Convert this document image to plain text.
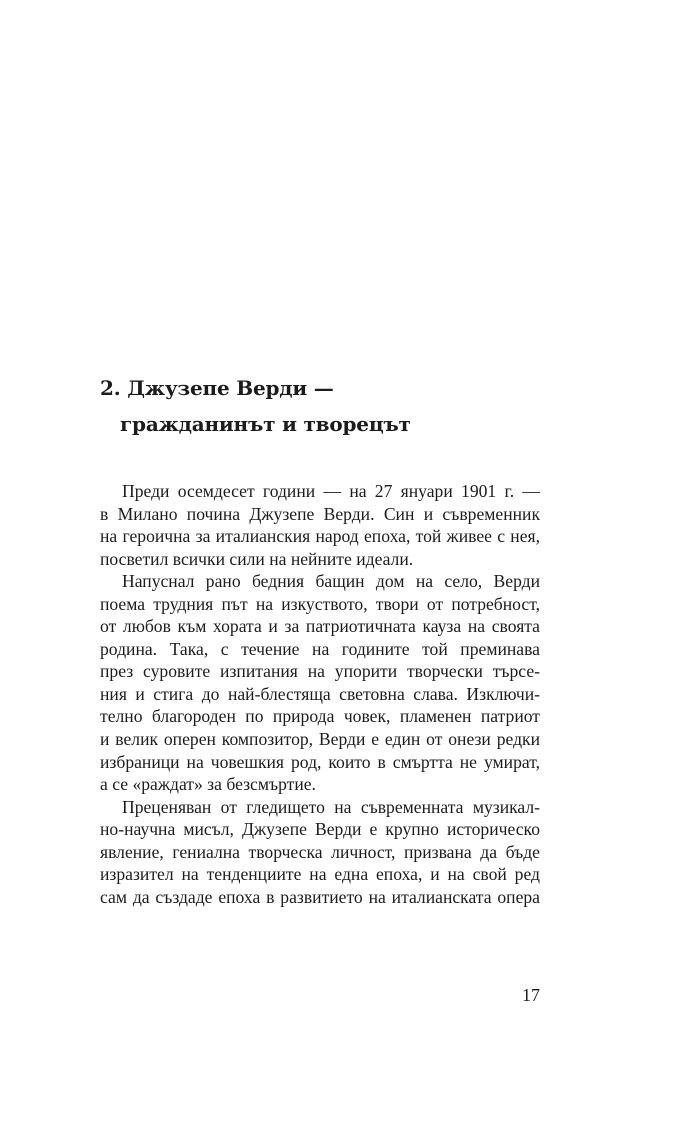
2. Джузепе Верди —
гражданинът и творецът
Преди осемдесет години — на 27 януари 1901 г. —
в Милано почина Джузепе Верди. Син и съвременник
на героична за италианския народ епоха, той живее с нея,
посветил всички сили на нейните идеали.
Напуснал рано бедния бащин дом на село, Верди
поема трудния път на изкуството, твори от потребност,
от любов към хората и за патриотичната кауза на своята
родина. Така, с течение на годините той преминава
през суровите изпитания на упорити творчески търсе-
ния и стига до най-блестяща световна слава. Изключи-
телно благороден по природа човек, пламенен патриот
и велик оперен композитор, Верди е един от онези редки
избраници на човешкия род, които в смъртта не умират,
а се «раждат» за безсмъртие.
Преценяван от гледището на съвременната музикал-
но-научна мисъл, Джузепе Верди е крупно историческо
явление, гениална творческа личност, призвана да бъде
изразител на тенденциите на една епоха, и на свой ред
сам да създаде епоха в развитието на италианската опера
17
